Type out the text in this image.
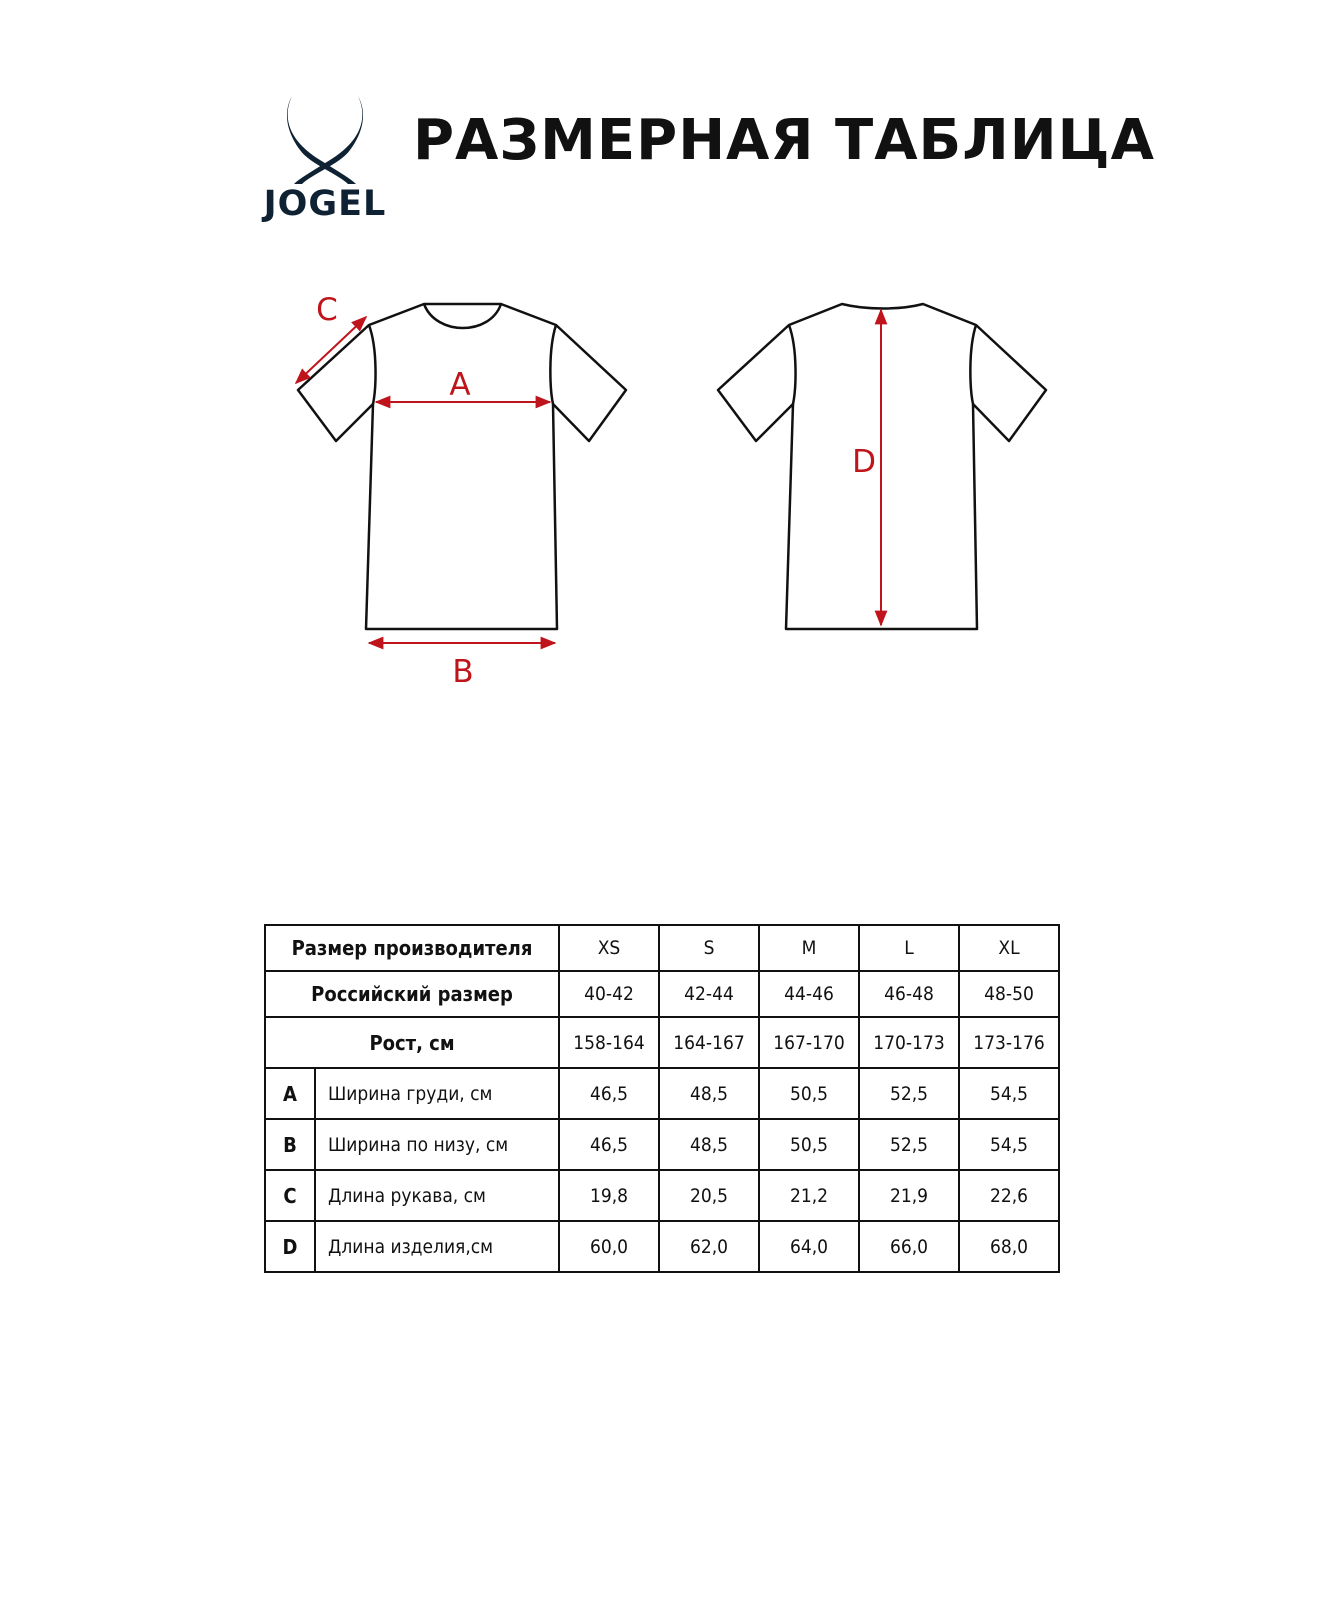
JOGEL
РАЗМЕРНАЯ ТАБЛИЦА
A
B
C
D
Размер производителя		XS	S	M	L	XL
Российский размер		40-42	42-44	44-46	46-48	48-50
Рост, см		158-164	164-167	167-170	170-173	173-176
A	Ширина груди, см	46,5	48,5	50,5	52,5	54,5
B	Ширина по низу, см	46,5	48,5	50,5	52,5	54,5
C	Длина рукава, см	19,8	20,5	21,2	21,9	22,6
D	Длина изделия,см	60,0	62,0	64,0	66,0	68,0
